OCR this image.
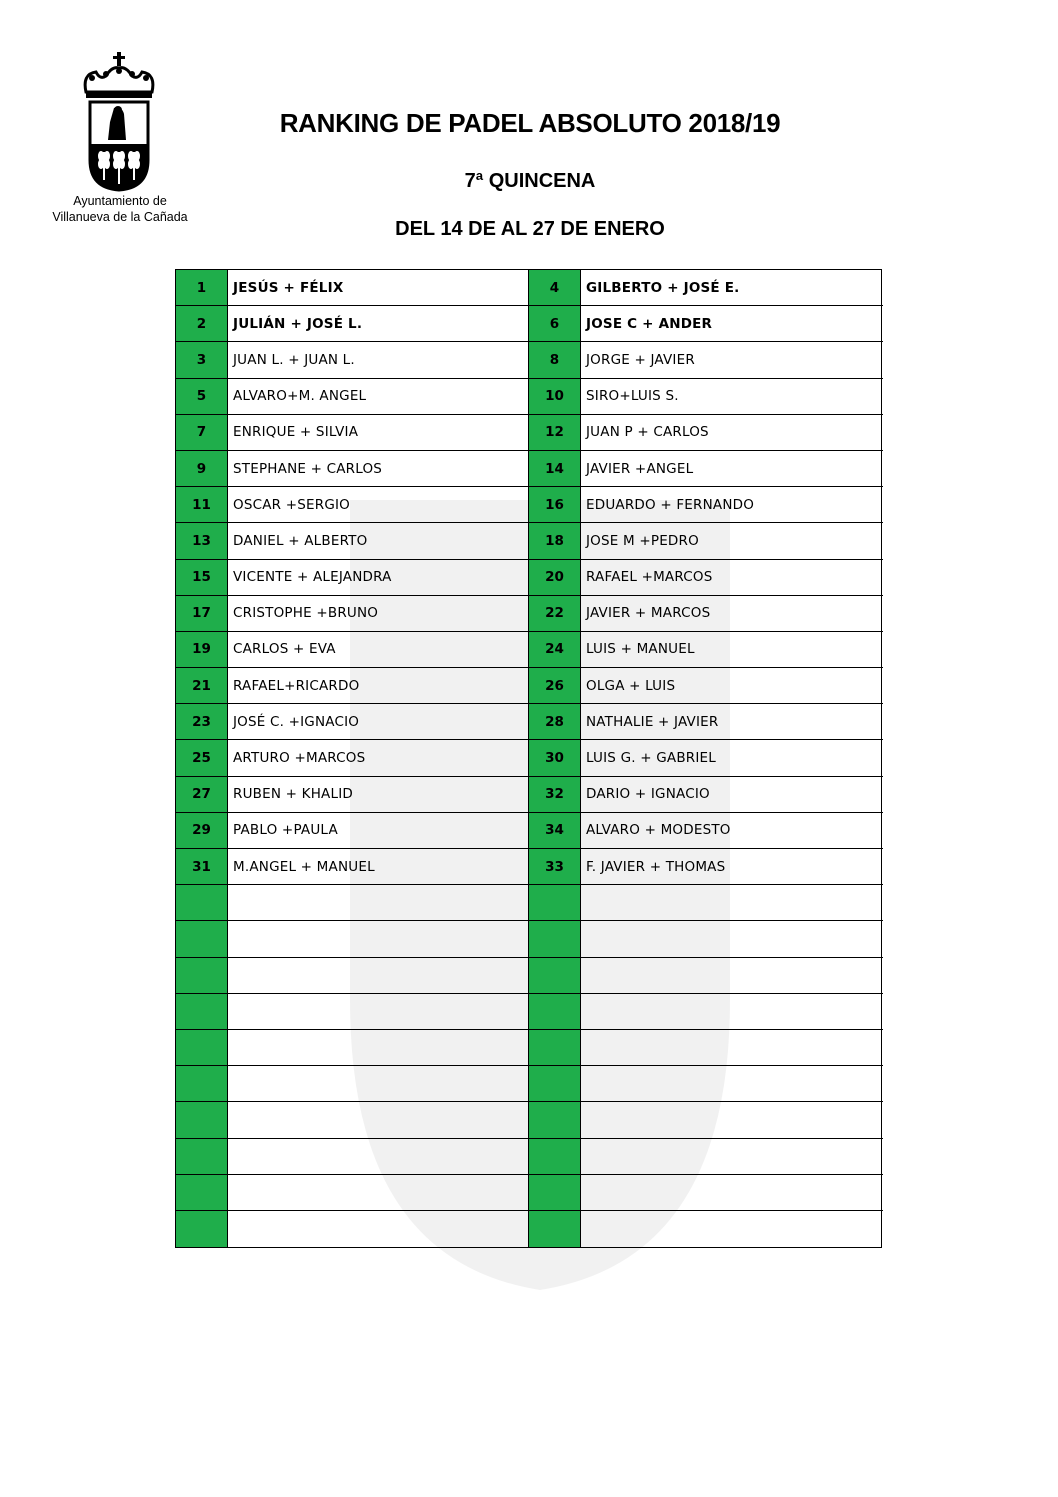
Ayuntamiento de
Villanueva de la Cañada
RANKING DE PADEL ABSOLUTO 2018/19
7ª QUINCENA
DEL 14 DE AL 27 DE ENERO
1	JESÚS + FÉLIX	4	GILBERTO + JOSÉ E.
2	JULIÁN + JOSÉ L.	6	JOSE C + ANDER
3	JUAN L. + JUAN L.	8	JORGE + JAVIER
5	ALVARO+M. ANGEL	10	SIRO+LUIS S.
7	ENRIQUE + SILVIA	12	JUAN P + CARLOS
9	STEPHANE + CARLOS	14	JAVIER +ANGEL
11	OSCAR +SERGIO	16	EDUARDO + FERNANDO
13	DANIEL + ALBERTO	18	JOSE M +PEDRO
15	VICENTE + ALEJANDRA	20	RAFAEL +MARCOS
17	CRISTOPHE +BRUNO	22	JAVIER + MARCOS
19	CARLOS + EVA	24	LUIS + MANUEL
21	RAFAEL+RICARDO	26	OLGA + LUIS
23	JOSÉ C. +IGNACIO	28	NATHALIE + JAVIER
25	ARTURO +MARCOS	30	LUIS G. + GABRIEL
27	RUBEN + KHALID	32	DARIO + IGNACIO
29	PABLO +PAULA	34	ALVARO + MODESTO
31	M.ANGEL + MANUEL	33	F. JAVIER + THOMAS
